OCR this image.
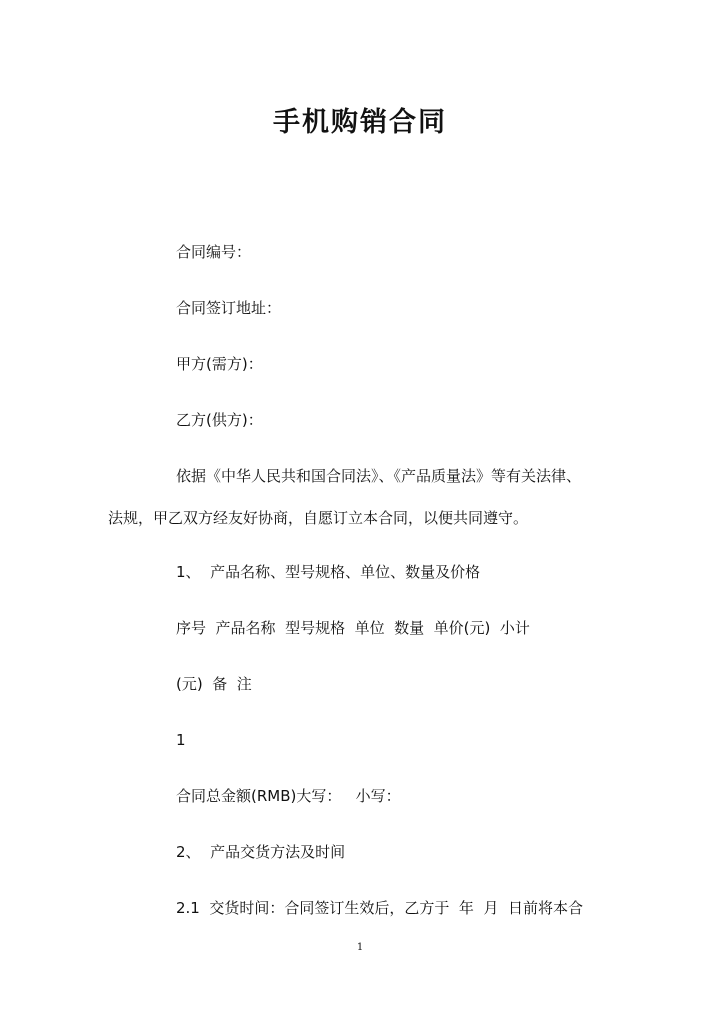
手机购销合同
合同编号：
合同签订地址：
甲方(需方)：
乙方(供方)：
依据《中华人民共和国合同法》、《产品质量法》等有关法律、
法规，甲乙双方经友好协商，自愿订立本合同，以便共同遵守。
1、  产品名称、型号规格、单位、数量及价格
序号  产品名称  型号规格  单位  数量  单价(元)  小计
(元)  备  注
1
合同总金额(RMB)大写：   小写：
2、  产品交货方法及时间
2.1  交货时间：合同签订生效后，乙方于  年  月  日前将本合
1
